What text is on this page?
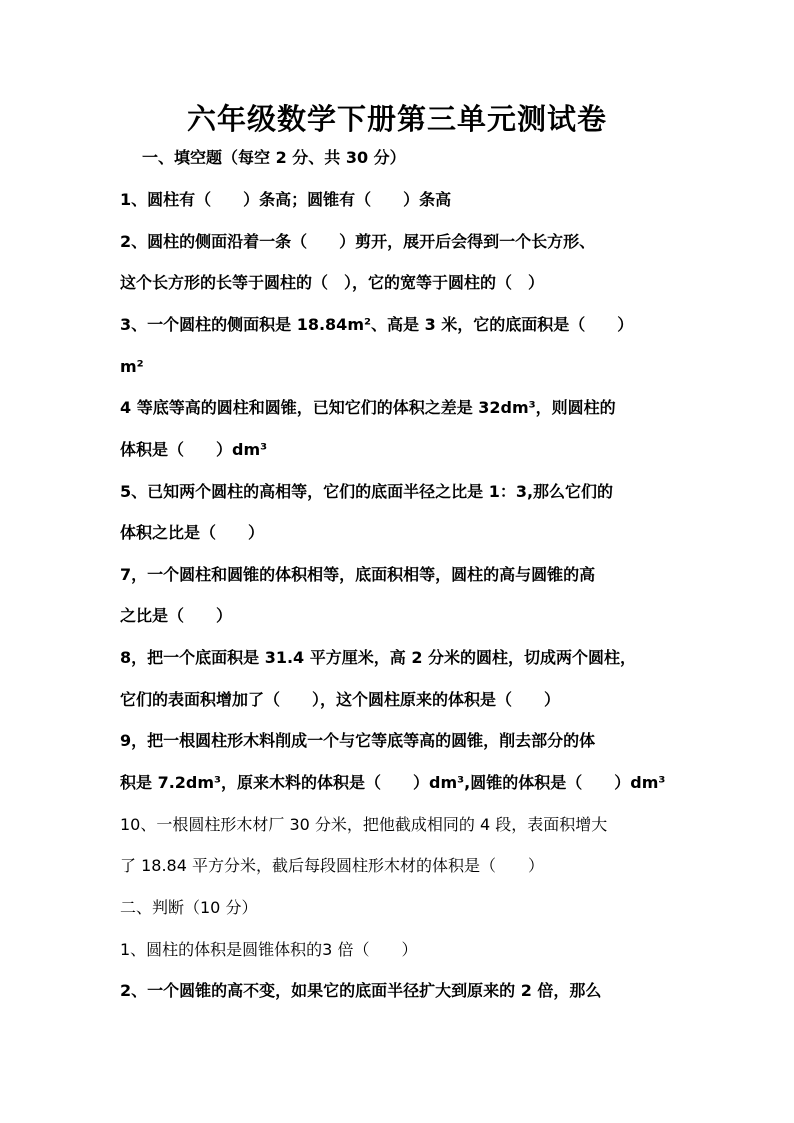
六年级数学下册第三单元测试卷

一、填空题（每空 2 分、共 30 分）

1、圆柱有（　　）条高；圆锥有（　　）条高

2、圆柱的侧面沿着一条（　　）剪开，展开后会得到一个长方形、

这个长方形的长等于圆柱的（　），它的宽等于圆柱的（　）

3、一个圆柱的侧面积是 18.84m²、高是 3 米，它的底面积是（　　）

m²

4 等底等高的圆柱和圆锥，已知它们的体积之差是 32dm³，则圆柱的

体积是（　　）dm³

5、已知两个圆柱的高相等，它们的底面半径之比是 1：3,那么它们的

体积之比是（　　）

7，一个圆柱和圆锥的体积相等，底面积相等，圆柱的高与圆锥的高

之比是（　　）

8，把一个底面积是 31.4 平方厘米，高 2 分米的圆柱，切成两个圆柱，

它们的表面积增加了（　　），这个圆柱原来的体积是（　　）

9，把一根圆柱形木料削成一个与它等底等高的圆锥，削去部分的体

积是 7.2dm³，原来木料的体积是（　　）dm³,圆锥的体积是（　　）dm³

10、一根圆柱形木材厂 30 分米，把他截成相同的 4 段，表面积增大

了 18.84 平方分米，截后每段圆柱形木材的体积是（　　）

二、判断（10 分）

1、圆柱的体积是圆锥体积的3 倍（　　）

2、一个圆锥的高不变，如果它的底面半径扩大到原来的 2 倍，那么
